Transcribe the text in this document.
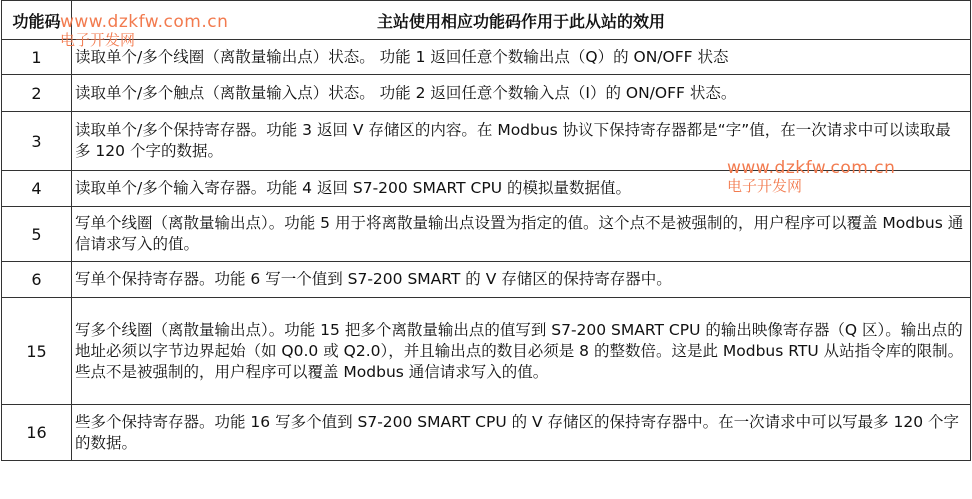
功能码	主站使用相应功能码作用于此从站的效用
1	读取单个/多个线圈（离散量输出点）状态。 功能 1 返回任意个数输出点（Q）的 ON/OFF 状态
2	读取单个/多个触点（离散量输入点）状态。 功能 2 返回任意个数输入点（I）的 ON/OFF 状态。
3	读取单个/多个保持寄存器。功能 3 返回 V 存储区的内容。在 Modbus 协议下保持寄存器都是“字”值，在一次请求中可以读取最多 120 个字的数据。
4	读取单个/多个输入寄存器。功能 4 返回 S7-200 SMART CPU 的模拟量数据值。
5	写单个线圈（离散量输出点）。功能 5 用于将离散量输出点设置为指定的值。这个点不是被强制的，用户程序可以覆盖 Modbus 通信请求写入的值。
6	写单个保持寄存器。功能 6 写一个值到 S7-200 SMART 的 V 存储区的保持寄存器中。
15	写多个线圈（离散量输出点）。功能 15 把多个离散量输出点的值写到 S7-200 SMART CPU 的输出映像寄存器（Q 区）。输出点的地址必须以字节边界起始（如 Q0.0 或 Q2.0），并且输出点的数目必须是 8 的整数倍。这是此 Modbus RTU 从站指令库的限制。些点不是被强制的，用户程序可以覆盖 Modbus 通信请求写入的值。
16	些多个保持寄存器。功能 16 写多个值到 S7-200 SMART CPU 的 V 存储区的保持寄存器中。在一次请求中可以写最多 120 个字的数据。
www.dzkfw.com.cn
电子开发网
www.dzkfw.com.cn
电子开发网
